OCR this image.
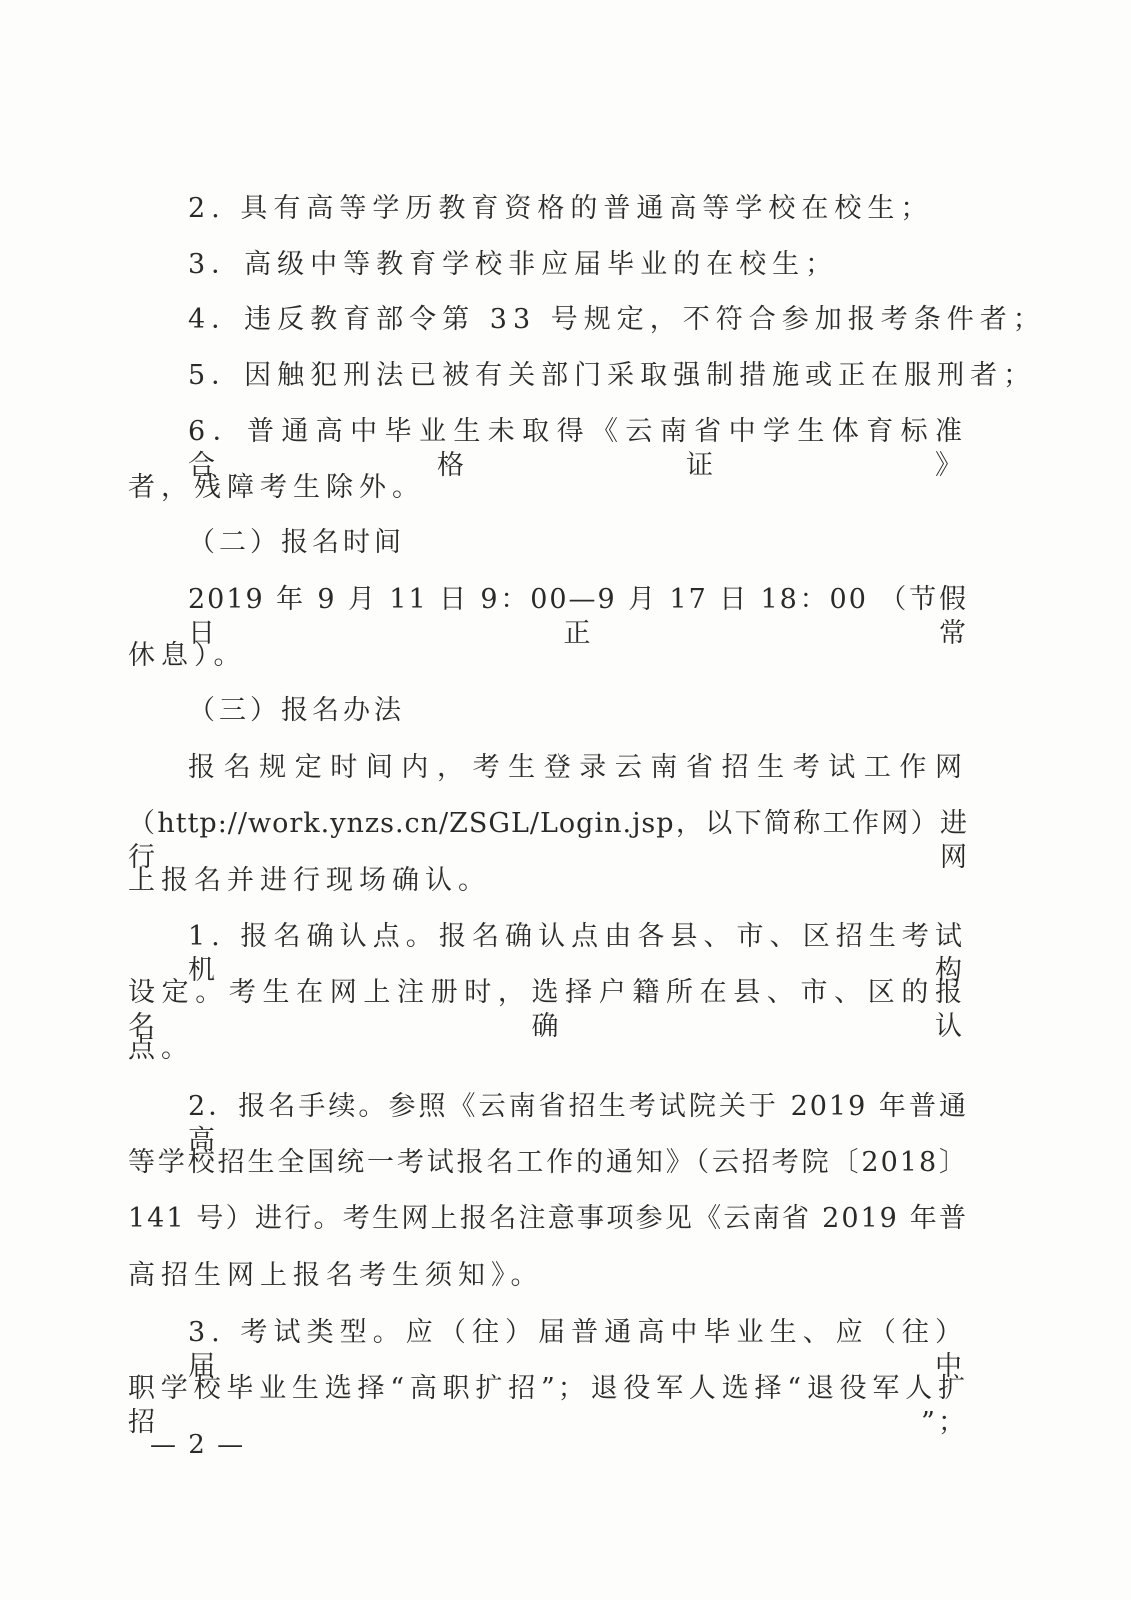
2. 具有高等学历教育资格的普通高等学校在校生；
3．高级中等教育学校非应届毕业的在校生；
4．违反教育部令第 33 号规定，不符合参加报考条件者；
5．因触犯刑法已被有关部门采取强制措施或正在服刑者；
6．普通高中毕业生未取得《云南省中学生体育标准合格证》
者，残障考生除外。
（二）报名时间
2019 年 9 月 11 日 9：00—9 月 17 日 18：00 （节假日正常
休息）。
（三）报名办法
报名规定时间内，考生登录云南省招生考试工作网
（http://work.ynzs.cn/ZSGL/Login.jsp，以下简称工作网）进行网
上报名并进行现场确认。
1. 报名确认点。报名确认点由各县、市、区招生考试机构
设定。考生在网上注册时，选择户籍所在县、市、区的报名确认
点。
2．报名手续。参照《云南省招生考试院关于 2019 年普通高
等学校招生全国统一考试报名工作的通知》（云招考院〔2018〕
141 号）进行。考生网上报名注意事项参见《云南省 2019 年普
高招生网上报名考生须知》。
3. 考试类型。应（往）届普通高中毕业生、应（往）届中
职学校毕业生选择“高职扩招”；退役军人选择“退役军人扩招”；
— 2 —
